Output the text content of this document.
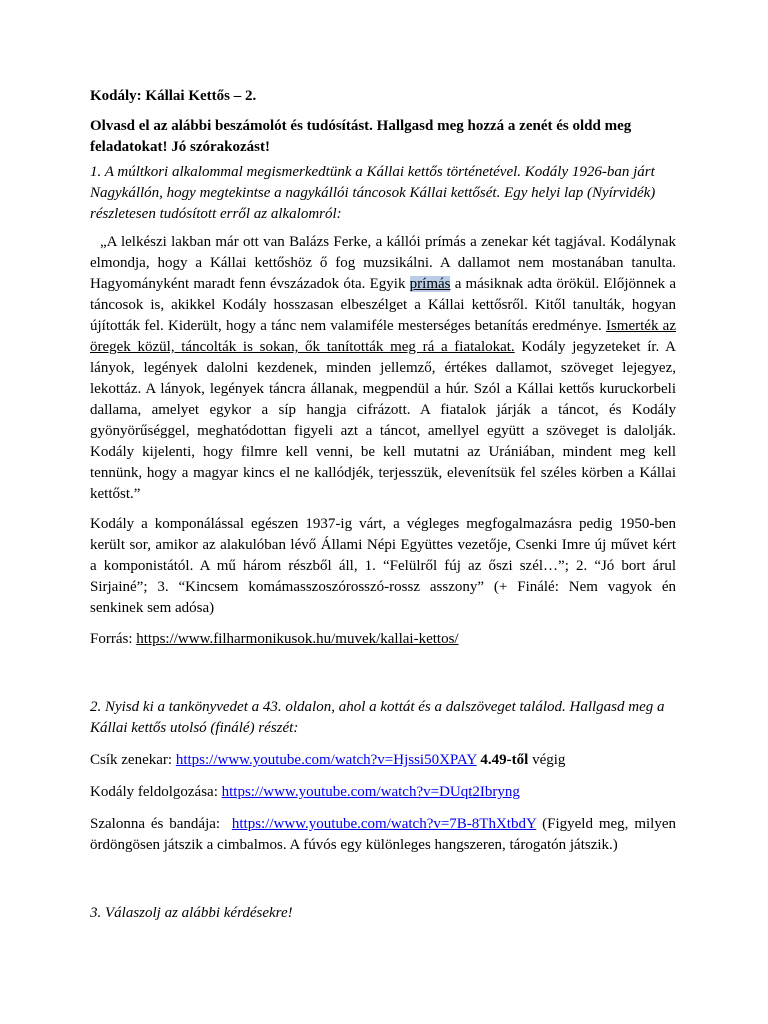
Kodály: Kállai Kettős – 2.

Olvasd el az alábbi beszámolót és tudósítást. Hallgasd meg hozzá a zenét és oldd meg feladatokat! Jó szórakozást!

1. A múltkori alkalommal megismerkedtünk a Kállai kettős történetével. Kodály 1926-ban járt Nagykállón, hogy megtekintse a nagykállói táncosok Kállai kettősét. Egy helyi lap (Nyírvidék) részletesen tudósított erről az alkalomról:

„A lelkészi lakban már ott van Balázs Ferke, a kállói prímás a zenekar két tagjával. Kodálynak elmondja, hogy a Kállai kettőshöz ő fog muzsikálni. A dallamot nem mostanában tanulta. Hagyományként maradt fenn évszázadok óta. Egyik prímás a másiknak adta örökül. Előjönnek a táncosok is, akikkel Kodály hosszasan elbeszélget a Kállai kettősről. Kitől tanulták, hogyan újították fel. Kiderült, hogy a tánc nem valamiféle mesterséges betanítás eredménye. Ismerték az öregek közül, táncolták is sokan, ők tanították meg rá a fiatalokat. Kodály jegyzeteket ír. A lányok, legények dalolni kezdenek, minden jellemző, értékes dallamot, szöveget lejegyez, lekottáz. A lányok, legények táncra állanak, megpendül a húr. Szól a Kállai kettős kuruckorbeli dallama, amelyet egykor a síp hangja cifrázott. A fiatalok járják a táncot, és Kodály gyönyörűséggel, meghatódottan figyeli azt a táncot, amellyel együtt a szöveget is dalolják. Kodály kijelenti, hogy filmre kell venni, be kell mutatni az Urániában, mindent meg kell tennünk, hogy a magyar kincs el ne kallódjék, terjesszük, elevenítsük fel széles körben a Kállai kettőst.”

Kodály a komponálással egészen 1937-ig várt, a végleges megfogalmazásra pedig 1950-ben került sor, amikor az alakulóban lévő Állami Népi Együttes vezetője, Csenki Imre új művet kért a komponistától. A mű három részből áll, 1. “Felülről fúj az őszi szél…”; 2. “Jó bort árul Sirjainé”; 3. “Kincsem komámasszoszórosszó-rossz asszony” (+ Finálé: Nem vagyok én senkinek sem adósa)

Forrás: https://www.filharmonikusok.hu/muvek/kallai-kettos/

2. Nyisd ki a tankönyvedet a 43. oldalon, ahol a kottát és a dalszöveget találod. Hallgasd meg a Kállai kettős utolsó (finálé) részét:

Csík zenekar: https://www.youtube.com/watch?v=Hjssi50XPAY 4.49-től végig

Kodály feldolgozása: https://www.youtube.com/watch?v=DUqt2Ibryng

Szalonna és bandája: https://www.youtube.com/watch?v=7B-8ThXtbdY (Figyeld meg, milyen ördöngösen játszik a cimbalmos. A fúvós egy különleges hangszeren, tárogatón játszik.)

3. Válaszolj az alábbi kérdésekre!
